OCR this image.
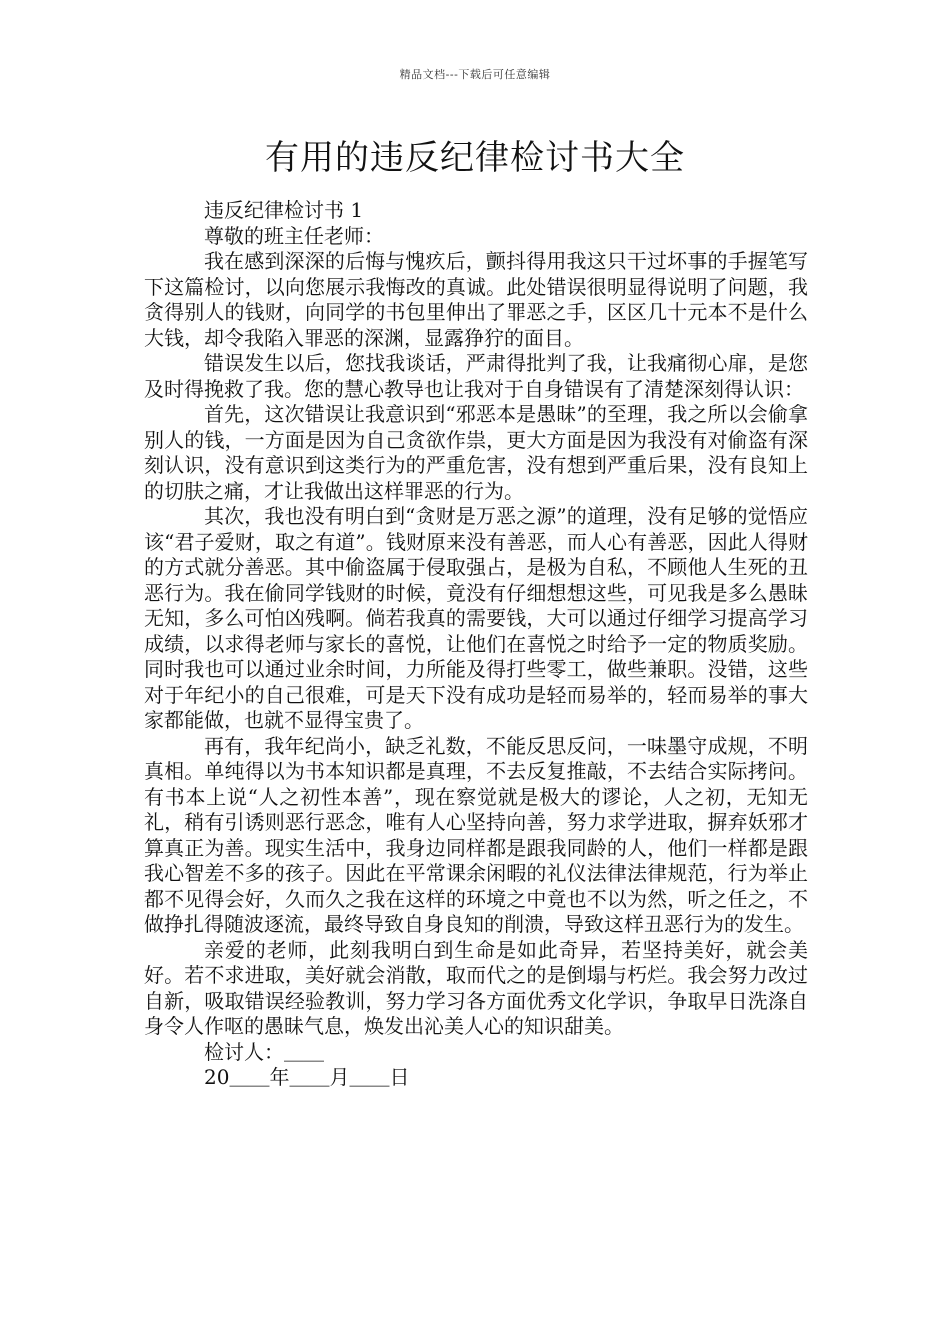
精品文档---下载后可任意编辑
有用的违反纪律检讨书大全

违反纪律检讨书 1

尊敬的班主任老师：

我在感到深深的后悔与愧疚后，颤抖得用我这只干过坏事的手握笔写下这篇检讨，以向您展示我悔改的真诚。此处错误很明显得说明了问题，我贪得别人的钱财，向同学的书包里伸出了罪恶之手，区区几十元本不是什么大钱，却令我陷入罪恶的深渊，显露狰狞的面目。

错误发生以后，您找我谈话，严肃得批判了我，让我痛彻心扉，是您及时得挽救了我。您的慧心教导也让我对于自身错误有了清楚深刻得认识：

首先，这次错误让我意识到“邪恶本是愚昧”的至理，我之所以会偷拿别人的钱，一方面是因为自己贪欲作祟，更大方面是因为我没有对偷盗有深刻认识，没有意识到这类行为的严重危害，没有想到严重后果，没有良知上的切肤之痛，才让我做出这样罪恶的行为。

其次，我也没有明白到“贪财是万恶之源”的道理，没有足够的觉悟应该“君子爱财，取之有道”。钱财原来没有善恶，而人心有善恶，因此人得财的方式就分善恶。其中偷盗属于侵取强占，是极为自私，不顾他人生死的丑恶行为。我在偷同学钱财的时候，竟没有仔细想想这些，可见我是多么愚昧无知，多么可怕凶残啊。倘若我真的需要钱，大可以通过仔细学习提高学习成绩，以求得老师与家长的喜悦，让他们在喜悦之时给予一定的物质奖励。同时我也可以通过业余时间，力所能及得打些零工，做些兼职。没错，这些对于年纪小的自己很难，可是天下没有成功是轻而易举的，轻而易举的事大家都能做，也就不显得宝贵了。

再有，我年纪尚小，缺乏礼数，不能反思反问，一味墨守成规，不明真相。单纯得以为书本知识都是真理，不去反复推敲，不去结合实际拷问。有书本上说“人之初性本善”，现在察觉就是极大的谬论，人之初，无知无礼，稍有引诱则恶行恶念，唯有人心坚持向善，努力求学进取，摒弃妖邪才算真正为善。现实生活中，我身边同样都是跟我同龄的人，他们一样都是跟我心智差不多的孩子。因此在平常课余闲暇的礼仪法律法律规范，行为举止都不见得会好，久而久之我在这样的环境之中竟也不以为然，听之任之，不做挣扎得随波逐流，最终导致自身良知的削溃，导致这样丑恶行为的发生。

亲爱的老师，此刻我明白到生命是如此奇异，若坚持美好，就会美好。若不求进取，美好就会消散，取而代之的是倒塌与朽烂。我会努力改过自新，吸取错误经验教训，努力学习各方面优秀文化学识，争取早日洗涤自身令人作呕的愚昧气息，焕发出沁美人心的知识甜美。

检讨人：＿＿

20＿＿年＿＿月＿＿日
